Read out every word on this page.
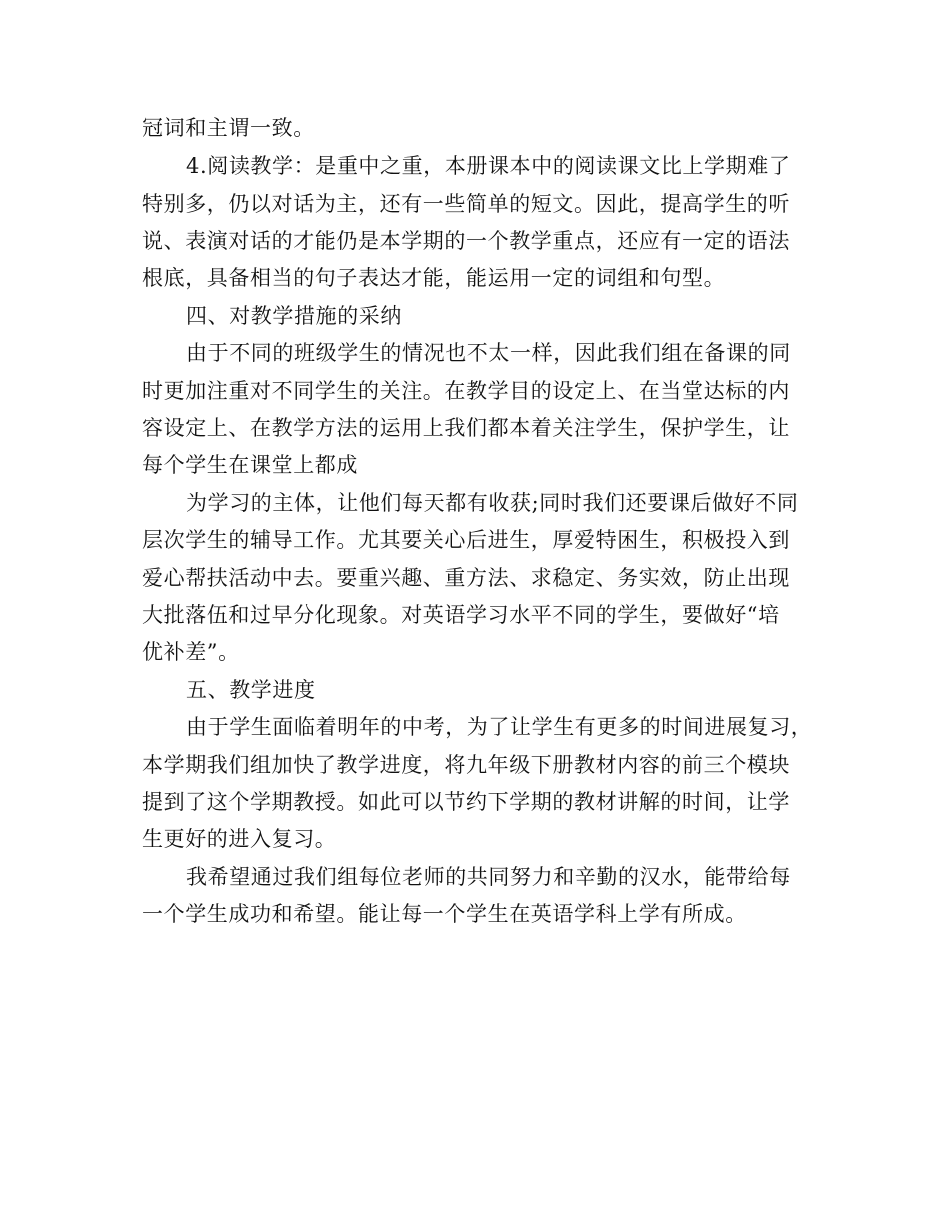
冠词和主谓一致。
4.阅读教学：是重中之重，本册课本中的阅读课文比上学期难了
特别多，仍以对话为主，还有一些简单的短文。因此，提高学生的听
说、表演对话的才能仍是本学期的一个教学重点，还应有一定的语法
根底，具备相当的句子表达才能，能运用一定的词组和句型。
四、对教学措施的采纳
由于不同的班级学生的情况也不太一样，因此我们组在备课的同
时更加注重对不同学生的关注。在教学目的设定上、在当堂达标的内
容设定上、在教学方法的运用上我们都本着关注学生，保护学生，让
每个学生在课堂上都成
为学习的主体，让他们每天都有收获;同时我们还要课后做好不同
层次学生的辅导工作。尤其要关心后进生，厚爱特困生，积极投入到
爱心帮扶活动中去。要重兴趣、重方法、求稳定、务实效，防止出现
大批落伍和过早分化现象。对英语学习水平不同的学生，要做好“培
优补差”。
五、教学进度
由于学生面临着明年的中考，为了让学生有更多的时间进展复习，
本学期我们组加快了教学进度，将九年级下册教材内容的前三个模块
提到了这个学期教授。如此可以节约下学期的教材讲解的时间，让学
生更好的进入复习。
我希望通过我们组每位老师的共同努力和辛勤的汉水，能带给每
一个学生成功和希望。能让每一个学生在英语学科上学有所成。
